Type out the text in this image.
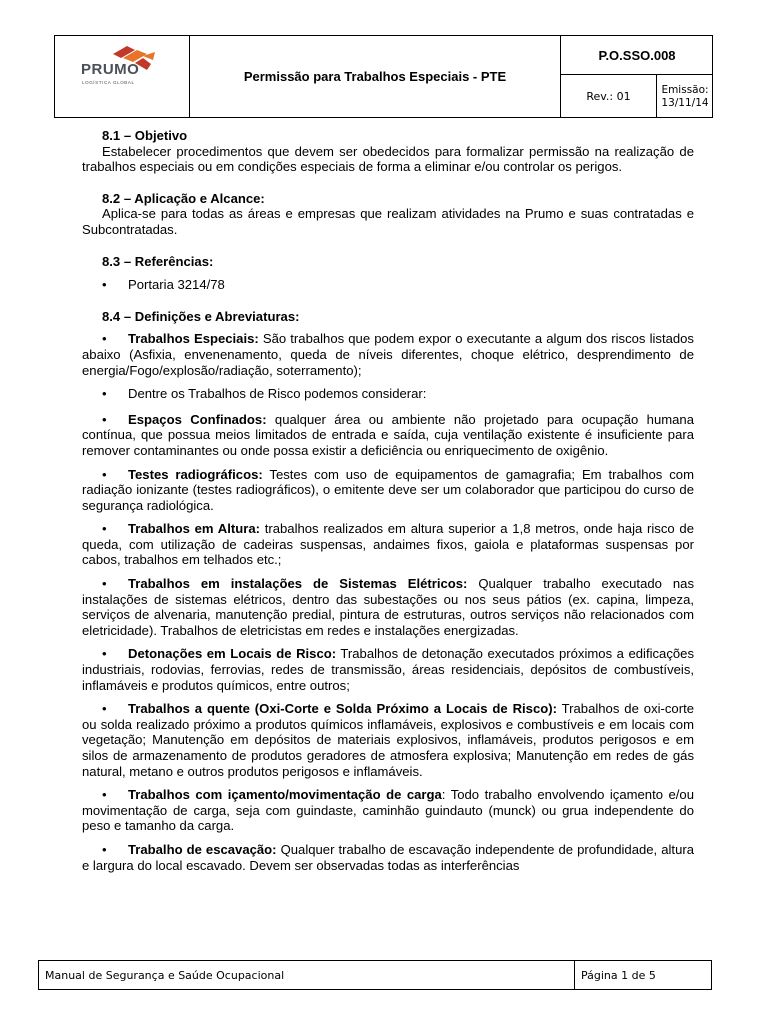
PRUMO
LOGÍSTICA GLOBAL	Permissão para Trabalhos Especiais - PTE
P.O.SSO.008
Rev.: 01
Emissão:
13/11/14
8.1 – Objetivo
Estabelecer procedimentos que devem ser obedecidos para formalizar permissão na realização de trabalhos especiais ou em condições especiais de forma a eliminar e/ou controlar os perigos.
8.2 – Aplicação e Alcance:
Aplica-se para todas as áreas e empresas que realizam atividades na Prumo e suas contratadas e Subcontratadas.
8.3 – Referências:
• Portaria 3214/78
8.4 – Definições e Abreviaturas:
• Trabalhos Especiais: São trabalhos que podem expor o executante a algum dos riscos listados abaixo (Asfixia, envenenamento, queda de níveis diferentes, choque elétrico, desprendimento de energia/Fogo/explosão/radiação, soterramento);
• Dentre os Trabalhos de Risco podemos considerar:
• Espaços Confinados: qualquer área ou ambiente não projetado para ocupação humana contínua, que possua meios limitados de entrada e saída, cuja ventilação existente é insuficiente para remover contaminantes ou onde possa existir a deficiência ou enriquecimento de oxigênio.
• Testes radiográficos: Testes com uso de equipamentos de gamagrafia; Em trabalhos com radiação ionizante (testes radiográficos), o emitente deve ser um colaborador que participou do curso de segurança radiológica.
• Trabalhos em Altura: trabalhos realizados em altura superior a 1,8 metros, onde haja risco de queda, com utilização de cadeiras suspensas, andaimes fixos, gaiola e plataformas suspensas por cabos, trabalhos em telhados etc.;
• Trabalhos em instalações de Sistemas Elétricos: Qualquer trabalho executado nas instalações de sistemas elétricos, dentro das subestações ou nos seus pátios (ex. capina, limpeza, serviços de alvenaria, manutenção predial, pintura de estruturas, outros serviços não relacionados com eletricidade). Trabalhos de eletricistas em redes e instalações energizadas.
• Detonações em Locais de Risco: Trabalhos de detonação executados próximos a edificações industriais, rodovias, ferrovias, redes de transmissão, áreas residenciais, depósitos de combustíveis, inflamáveis e produtos químicos, entre outros;
• Trabalhos a quente (Oxi-Corte e Solda Próximo a Locais de Risco): Trabalhos de oxi-corte ou solda realizado próximo a produtos químicos inflamáveis, explosivos e combustíveis e em locais com vegetação; Manutenção em depósitos de materiais explosivos, inflamáveis, produtos perigosos e em silos de armazenamento de produtos geradores de atmosfera explosiva; Manutenção em redes de gás natural, metano e outros produtos perigosos e inflamáveis.
• Trabalhos com içamento/movimentação de carga: Todo trabalho envolvendo içamento e/ou movimentação de carga, seja com guindaste, caminhão guindauto (munck) ou grua independente do peso e tamanho da carga.
• Trabalho de escavação: Qualquer trabalho de escavação independente de profundidade, altura e largura do local escavado. Devem ser observadas todas as interferências
Manual de Segurança e Saúde Ocupacional	Página 1 de 5
